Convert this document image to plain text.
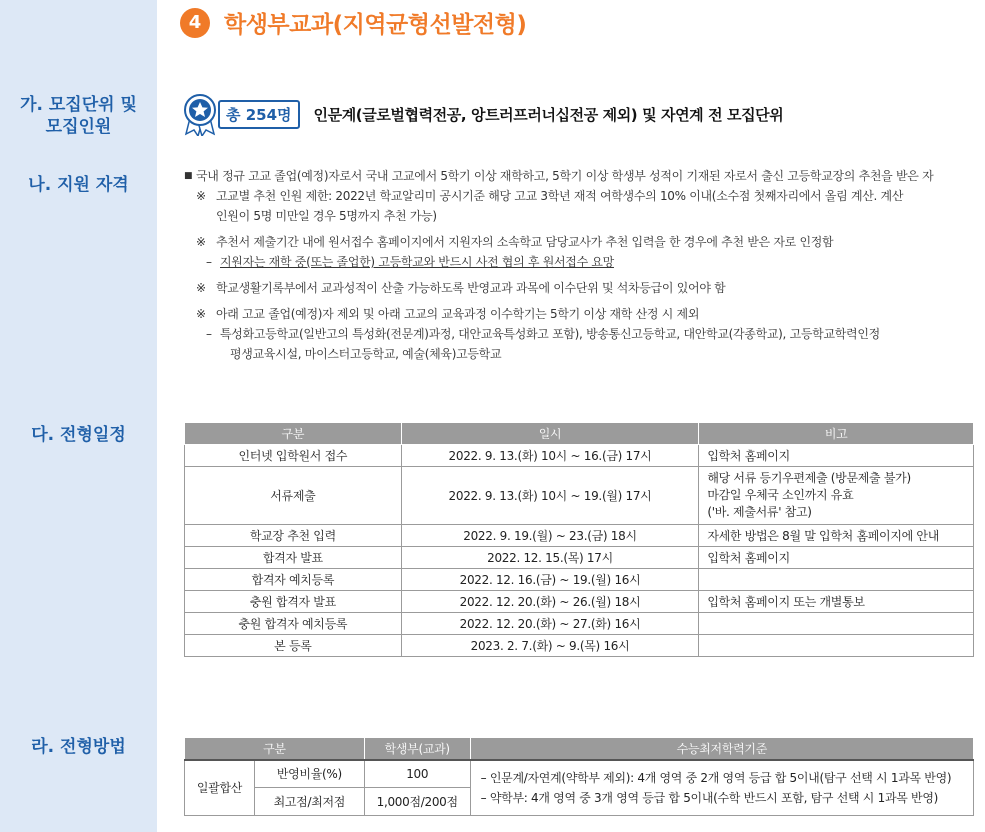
가. 모집단위 및
모집인원
나. 지원 자격
다. 전형일정
라. 전형방법
4 학생부교과(지역균형선발전형)
총 254명	인문계(글로벌협력전공, 앙트러프러너십전공 제외) 및 자연계 전 모집단위
■ 국내 정규 고교 졸업(예정)자로서 국내 고교에서 5학기 이상 재학하고, 5학기 이상 학생부 성적이 기재된 자로서 출신 고등학교장의 추천을 받은 자
※ 고교별 추천 인원 제한: 2022년 학교알리미 공시기준 해당 고교 3학년 재적 여학생수의 10% 이내(소수점 첫째자리에서 올림 계산. 계산
인원이 5명 미만일 경우 5명까지 추천 가능)
※ 추천서 제출기간 내에 원서접수 홈페이지에서 지원자의 소속학교 담당교사가 추천 입력을 한 경우에 추천 받은 자로 인정함
– 지원자는 재학 중(또는 졸업한) 고등학교와 반드시 사전 협의 후 원서접수 요망
※ 학교생활기록부에서 교과성적이 산출 가능하도록 반영교과 과목에 이수단위 및 석차등급이 있어야 함
※ 아래 고교 졸업(예정)자 제외 및 아래 고교의 교육과정 이수학기는 5학기 이상 재학 산정 시 제외
– 특성화고등학교(일반고의 특성화(전문계)과정, 대안교육특성화고 포함), 방송통신고등학교, 대안학교(각종학교), 고등학교학력인정
평생교육시설, 마이스터고등학교, 예술(체육)고등학교
구분	일시	비고
인터넷 입학원서 접수	2022. 9. 13.(화) 10시 ~ 16.(금) 17시	입학처 홈페이지
서류제출	2022. 9. 13.(화) 10시 ~ 19.(월) 17시	해당 서류 등기우편제출 (방문제출 불가)
마감일 우체국 소인까지 유효
('바. 제출서류' 참고)

학교장 추천 입력	2022. 9. 19.(월) ~ 23.(금) 18시	자세한 방법은 8월 말 입학처 홈페이지에 안내
합격자 발표	2022. 12. 15.(목) 17시	입학처 홈페이지
합격자 예치등록	2022. 12. 16.(금) ~ 19.(월) 16시	
충원 합격자 발표	2022. 12. 20.(화) ~ 26.(월) 18시	입학처 홈페이지 또는 개별통보
충원 합격자 예치등록	2022. 12. 20.(화) ~ 27.(화) 16시	
본 등록	2023. 2. 7.(화) ~ 9.(목) 16시	
구분		학생부(교과)	수능최저학력기준
일괄합산	반영비율(%)	100	– 인문계/자연계(약학부 제외): 4개 영역 중 2개 영역 등급 합 5이내(탐구 선택 시 1과목 반영)
– 약학부: 4개 영역 중 3개 영역 등급 합 5이내(수학 반드시 포함, 탐구 선택 시 1과목 반영)

	최고점/최저점	1,000점/200점	
